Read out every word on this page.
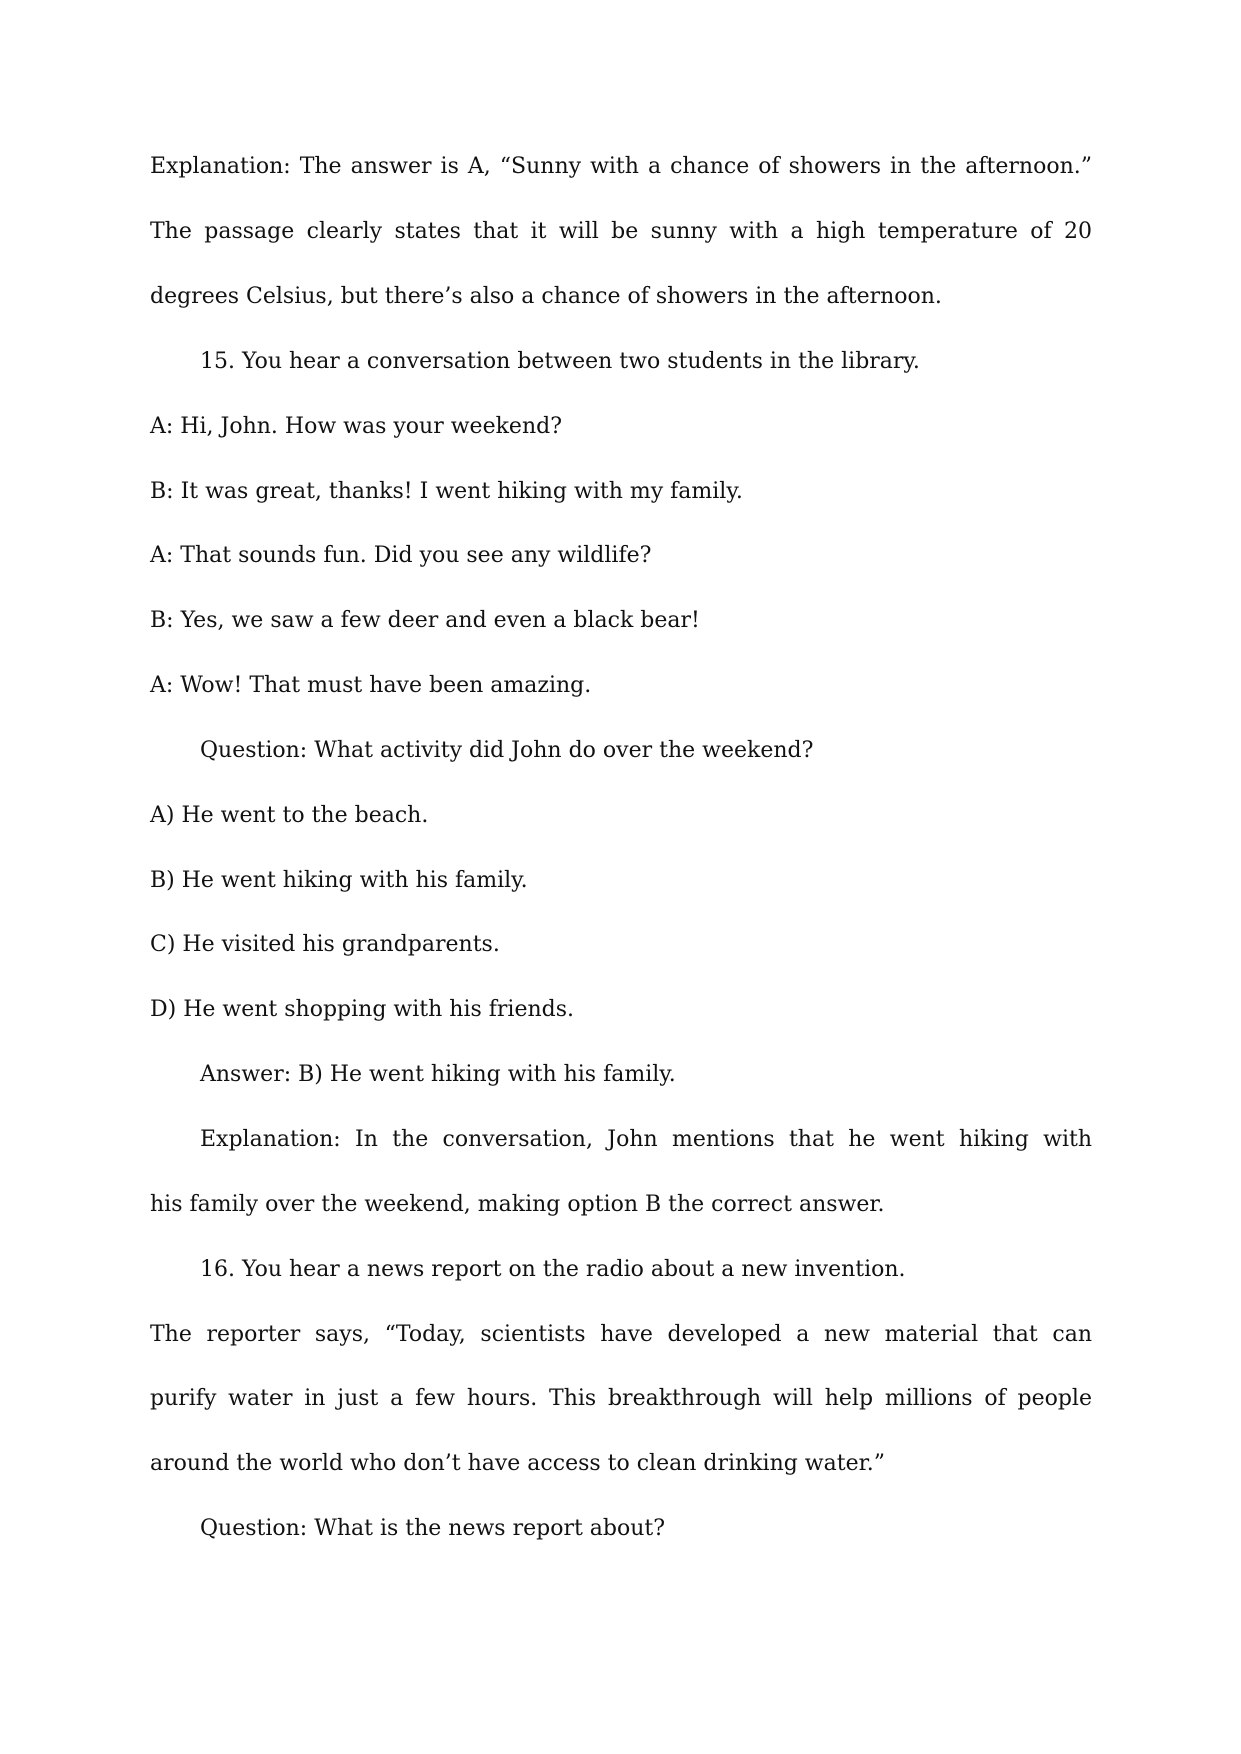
Explanation: The answer is A, “Sunny with a chance of showers in the afternoon.”

The passage clearly states that it will be sunny with a high temperature of 20

degrees Celsius, but there’s also a chance of showers in the afternoon.

15. You hear a conversation between two students in the library.

A: Hi, John. How was your weekend?

B: It was great, thanks! I went hiking with my family.

A: That sounds fun. Did you see any wildlife?

B: Yes, we saw a few deer and even a black bear!

A: Wow! That must have been amazing.

Question: What activity did John do over the weekend?

A) He went to the beach.

B) He went hiking with his family.

C) He visited his grandparents.

D) He went shopping with his friends.

Answer: B) He went hiking with his family.

Explanation: In the conversation, John mentions that he went hiking with

his family over the weekend, making option B the correct answer.

16. You hear a news report on the radio about a new invention.

The reporter says, “Today, scientists have developed a new material that can

purify water in just a few hours. This breakthrough will help millions of people

around the world who don’t have access to clean drinking water.”

Question: What is the news report about?
